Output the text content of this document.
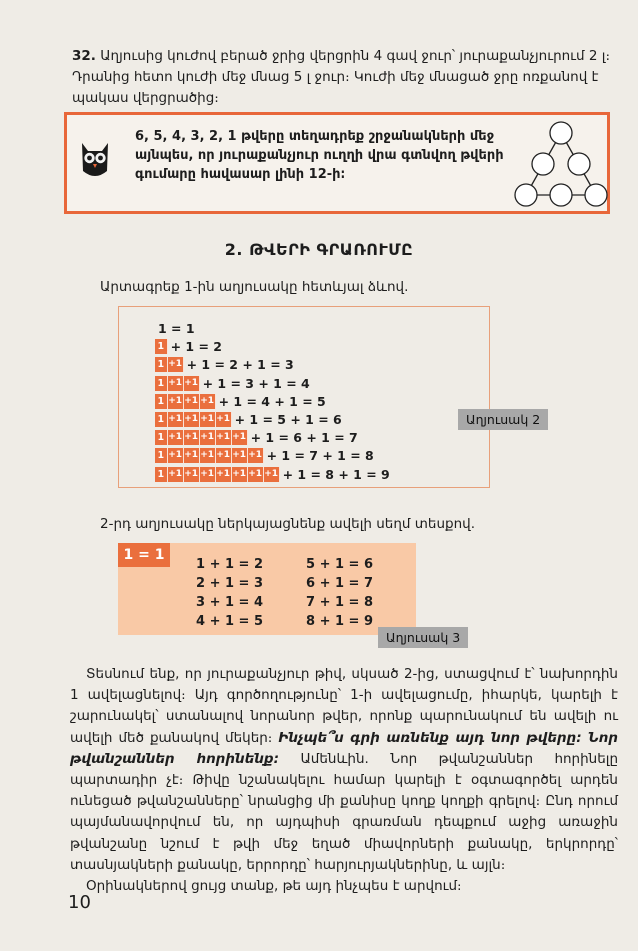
32. Աղյուսից կուժով բերած ջրից վերցրին 4 գավ ջուր՝ յուրաքանչյուրում 2 լ։ Դրանից հետո կուժի մեջ մնաց 5 լ ջուր։ Կուժի մեջ մնացած ջրը ոռքանով է պակաս վերցրածից։

6, 5, 4, 3, 2, 1 թվերը տեղադրեք շրջանակների մեջ այնպես, որ յուրաքանչյուր ուղղի վրա գտնվող թվերի գումարը հավասար լինի 12-ի։
2. ԹՎԵՐԻ ԳՐԱՌՈՒՄԸ
Արտագրեք 1-ին աղյուսակը հետևյալ ձևով.
1 = 1
1 + 1 = 2
1 +1 + 1 = 2 + 1 = 3
1 +1 +1 + 1 = 3 + 1 = 4
1 +1 +1 +1 + 1 = 4 + 1 = 5
1 +1 +1 +1 +1 + 1 = 5 + 1 = 6
1 +1 +1 +1 +1 +1 + 1 = 6 + 1 = 7
1 +1 +1 +1 +1 +1 +1 + 1 = 7 + 1 = 8
1 +1 +1 +1 +1 +1 +1 +1 + 1 = 8 + 1 = 9
Աղյուսակ 2
2-րդ աղյուսակը ներկայացնենք ավելի սեղմ տեսքով.
1 = 1
1 + 1 = 2
2 + 1 = 3
3 + 1 = 4
4 + 1 = 5
5 + 1 = 6
6 + 1 = 7
7 + 1 = 8
8 + 1 = 9
Աղյուսակ 3

Տեսնում ենք, որ յուրաքանչյուր թիվ, սկսած 2-ից, ստացվում է՝ նախորդին 1 ավելացնելով։ Այդ գործողությունը՝ 1-ի ավելացումը, իհարկե, կարելի է շարունակել՝ ստանալով նորանոր թվեր, որոնք պարունակում են ավելի ու ավելի մեծ քանակով մեկեր։ Ինչպե՞ս գրի առնենք այդ նոր թվերը։ Նոր թվանշաններ հորինենք։ Ամենևին. Նոր թվանշաններ հորինելը պարտադիր չէ։ Թիվը նշանակելու համար կարելի է օգտագործել արդեն ունեցած թվանշանները՝ նրանցից մի քանիսը կողք կողքի գրելով։ Ընդ որում պայմանավորվում են, որ այդպիսի գրառման դեպքում աջից առաջին թվանշանը նշում է թվի մեջ եղած միավորների քանակը, երկրորդը՝ տասնյակների քանակը, երրորդը՝ հարյուրյակներինը, և այլն։

Օրինակներով ցույց տանք, թե այդ ինչպես է արվում։

10
